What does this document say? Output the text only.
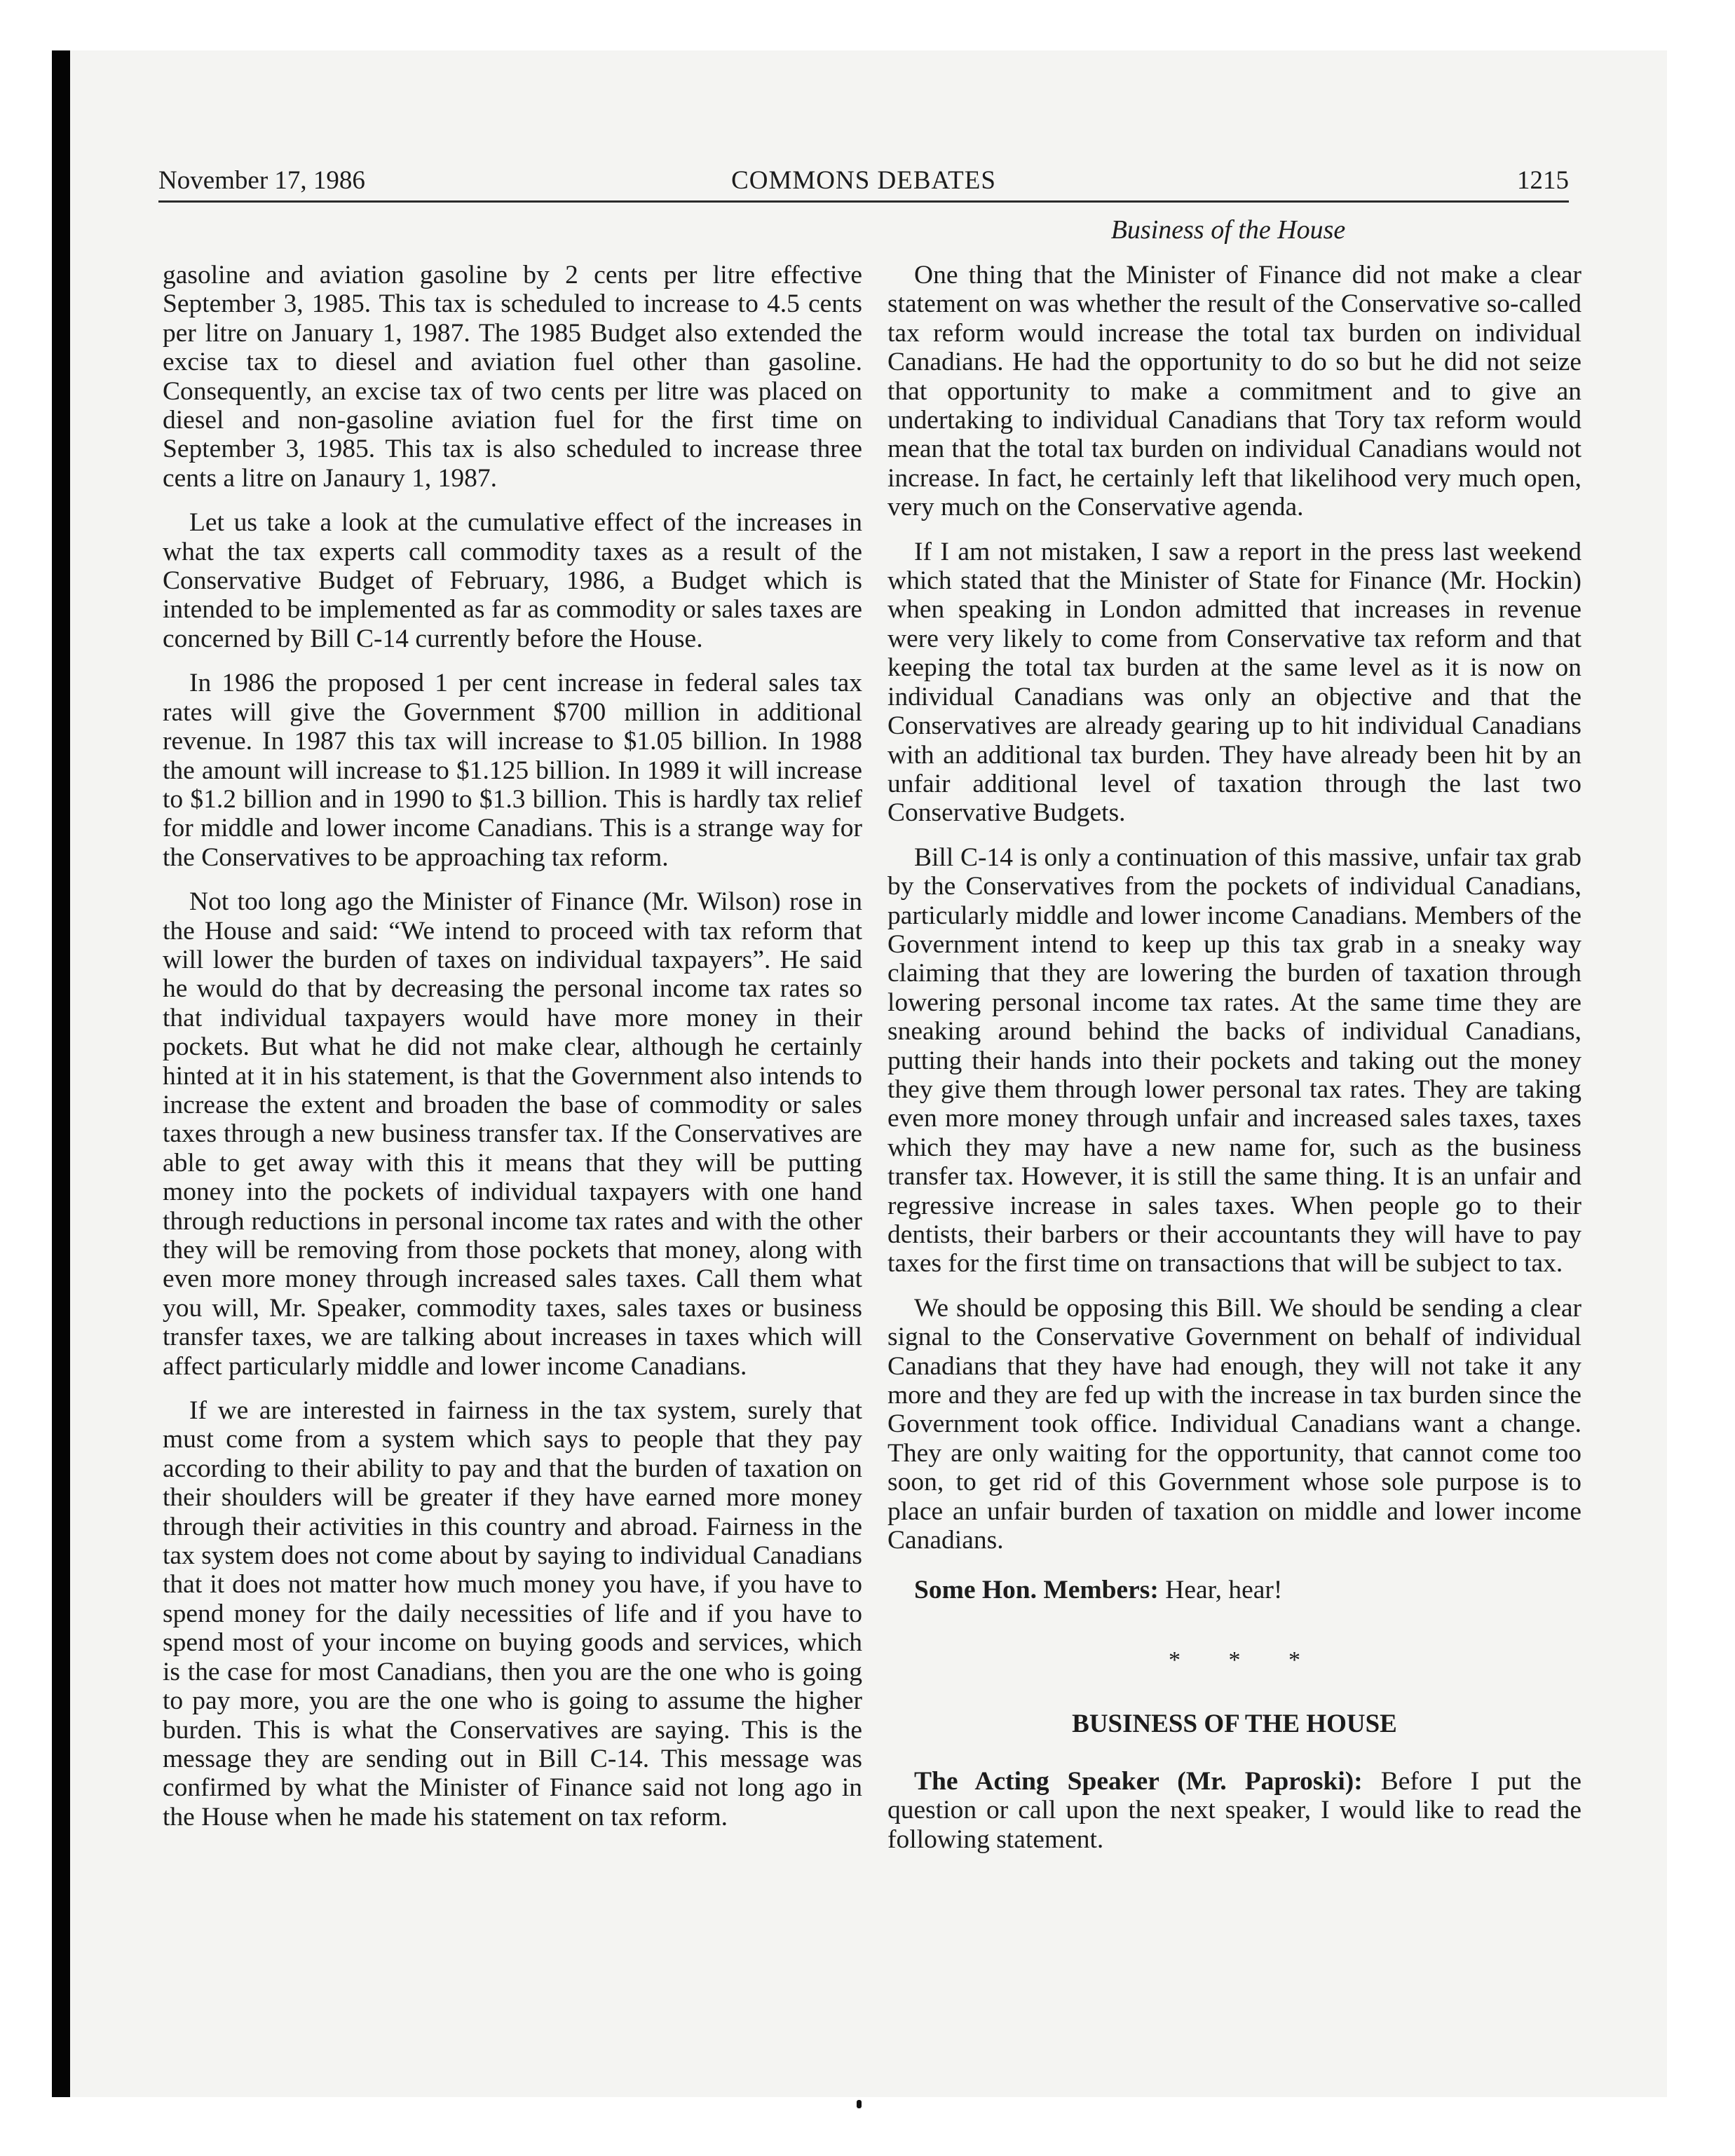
November 17, 1986	COMMONS DEBATES	1215
Business of the House

gasoline and aviation gasoline by 2 cents per litre effective September 3, 1985. This tax is scheduled to increase to 4.5 cents per litre on January 1, 1987. The 1985 Budget also extended the excise tax to diesel and aviation fuel other than gasoline. Consequently, an excise tax of two cents per litre was placed on diesel and non-gasoline aviation fuel for the first time on September 3, 1985. This tax is also scheduled to increase three cents a litre on Janaury 1, 1987.

Let us take a look at the cumulative effect of the increases in what the tax experts call commodity taxes as a result of the Conservative Budget of February, 1986, a Budget which is intended to be implemented as far as commodity or sales taxes are concerned by Bill C-14 currently before the House.

In 1986 the proposed 1 per cent increase in federal sales tax rates will give the Government $700 million in additional revenue. In 1987 this tax will increase to $1.05 billion. In 1988 the amount will increase to $1.125 billion. In 1989 it will increase to $1.2 billion and in 1990 to $1.3 billion. This is hardly tax relief for middle and lower income Canadians. This is a strange way for the Conservatives to be approaching tax reform.

Not too long ago the Minister of Finance (Mr. Wilson) rose in the House and said: “We intend to proceed with tax reform that will lower the burden of taxes on individual taxpayers”. He said he would do that by decreasing the personal income tax rates so that individual taxpayers would have more money in their pockets. But what he did not make clear, although he certainly hinted at it in his statement, is that the Government also intends to increase the extent and broaden the base of commodity or sales taxes through a new business transfer tax. If the Conservatives are able to get away with this it means that they will be putting money into the pockets of individual taxpayers with one hand through reductions in personal income tax rates and with the other they will be removing from those pockets that money, along with even more money through increased sales taxes. Call them what you will, Mr. Speaker, commodity taxes, sales taxes or business transfer taxes, we are talking about increases in taxes which will affect particularly middle and lower income Canadians.

If we are interested in fairness in the tax system, surely that must come from a system which says to people that they pay according to their ability to pay and that the burden of taxation on their shoulders will be greater if they have earned more money through their activities in this country and abroad. Fairness in the tax system does not come about by saying to individual Canadians that it does not matter how much money you have, if you have to spend money for the daily necessities of life and if you have to spend most of your income on buying goods and services, which is the case for most Canadians, then you are the one who is going to pay more, you are the one who is going to assume the higher burden. This is what the Conservatives are saying. This is the message they are sending out in Bill C-14. This message was confirmed by what the Minister of Finance said not long ago in the House when he made his statement on tax reform.

One thing that the Minister of Finance did not make a clear statement on was whether the result of the Conservative so-called tax reform would increase the total tax burden on individual Canadians. He had the opportunity to do so but he did not seize that opportunity to make a commitment and to give an undertaking to individual Canadians that Tory tax reform would mean that the total tax burden on individual Canadians would not increase. In fact, he certainly left that likelihood very much open, very much on the Conservative agenda.

If I am not mistaken, I saw a report in the press last weekend which stated that the Minister of State for Finance (Mr. Hockin) when speaking in London admitted that increases in revenue were very likely to come from Conservative tax reform and that keeping the total tax burden at the same level as it is now on individual Canadians was only an objective and that the Conservatives are already gearing up to hit individual Canadians with an additional tax burden. They have already been hit by an unfair additional level of taxation through the last two Conservative Budgets.

Bill C-14 is only a continuation of this massive, unfair tax grab by the Conservatives from the pockets of individual Canadians, particularly middle and lower income Canadians. Members of the Government intend to keep up this tax grab in a sneaky way claiming that they are lowering the burden of taxation through lowering personal income tax rates. At the same time they are sneaking around behind the backs of individual Canadians, putting their hands into their pockets and taking out the money they give them through lower personal tax rates. They are taking even more money through unfair and increased sales taxes, taxes which they may have a new name for, such as the business transfer tax. However, it is still the same thing. It is an unfair and regressive increase in sales taxes. When people go to their dentists, their barbers or their accountants they will have to pay taxes for the first time on transactions that will be subject to tax.

We should be opposing this Bill. We should be sending a clear signal to the Conservative Government on behalf of individual Canadians that they have had enough, they will not take it any more and they are fed up with the increase in tax burden since the Government took office. Individual Canadians want a change. They are only waiting for the opportunity, that cannot come too soon, to get rid of this Government whose sole purpose is to place an unfair burden of taxation on middle and lower income Canadians.

Some Hon. Members: Hear, hear!

* * *
BUSINESS OF THE HOUSE

The Acting Speaker (Mr. Paproski): Before I put the question or call upon the next speaker, I would like to read the following statement.
